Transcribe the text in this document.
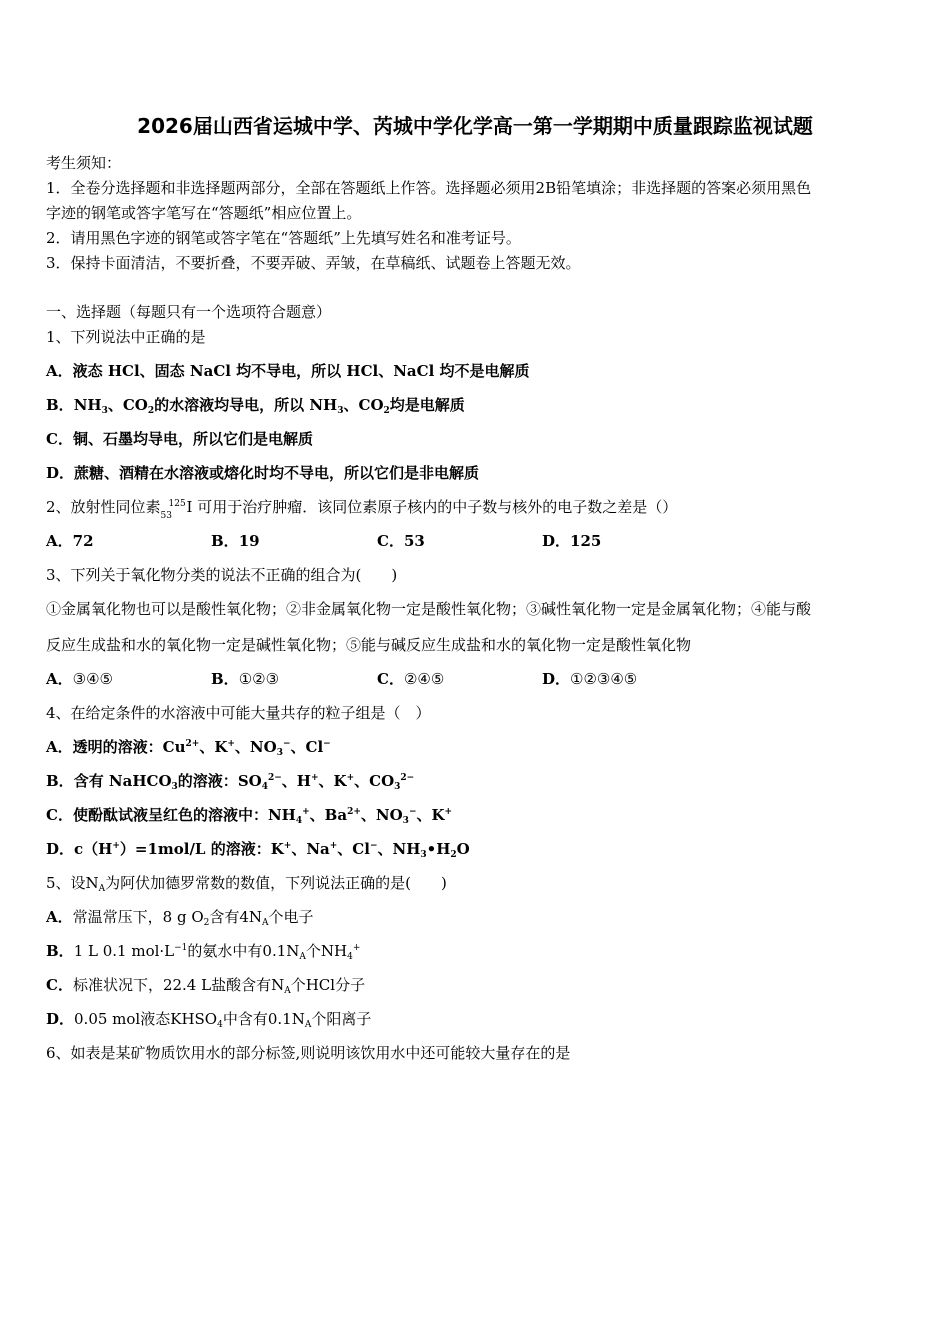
2026届山西省运城中学、芮城中学化学高一第一学期期中质量跟踪监视试题
考生须知：
1．全卷分选择题和非选择题两部分，全部在答题纸上作答。选择题必须用2B铅笔填涂；非选择题的答案必须用黑色
字迹的钢笔或答字笔写在“答题纸”相应位置上。
2．请用黑色字迹的钢笔或答字笔在“答题纸”上先填写姓名和准考证号。
3．保持卡面清洁，不要折叠，不要弄破、弄皱，在草稿纸、试题卷上答题无效。
一、选择题（每题只有一个选项符合题意）
1、下列说法中正确的是
A．液态 HCl、固态 NaCl 均不导电，所以 HCl、NaCl 均不是电解质
B．$NH_3$、$CO_2$的水溶液均导电，所以 $NH_3$、$CO_2$均是电解质
C．铜、石墨均导电，所以它们是电解质
D．蔗糖、酒精在水溶液或熔化时均不导电，所以它们是非电解质
2、放射性同位素 125
53 I 可用于治疗肿瘤．该同位素原子核内的中子数与核外的电子数之差是（）
A．72	B．19	C．53	D．125
3、下列关于氧化物分类的说法不正确的组合为(　　)
①金属氧化物也可以是酸性氧化物；②非金属氧化物一定是酸性氧化物；③碱性氧化物一定是金属氧化物；④能与酸
反应生成盐和水的氧化物一定是碱性氧化物；⑤能与碱反应生成盐和水的氧化物一定是酸性氧化物
A．③④⑤	B．①②③	C．②④⑤	D．①②③④⑤
4、在给定条件的水溶液中可能大量共存的粒子组是（　）
A．透明的溶液：$Cu^{2+}$、K+、$NO_3^-$、Cl−
B．含有 NaHCO$_3$的溶液：$SO_4^{2-}$、H+、K+、$CO_3^{2-}$
C．使酚酞试液呈红色的溶液中：$NH_4^+$、$Ba^{2+}$、$NO_3^-$、K+
D．c（H+）=1mol/L 的溶液：K+、Na+、Cl−、$NH_3•H_2O$
5、设$N_A$为阿伏加德罗常数的数值，下列说法正确的是(　　)
A．常温常压下，8 g $O_2$含有$4N_A$个电子
B．1 L 0.1 $mol\cdot L^{-1}$的氨水中有$0.1N_A$个$NH_4^+$
C．标准状况下，22.4 L盐酸含有$N_A$个HCl分子
D．0.05 mol液态$KHSO_4$中含有$0.1N_A$个阳离子
6、如表是某矿物质饮用水的部分标签,则说明该饮用水中还可能较大量存在的是
